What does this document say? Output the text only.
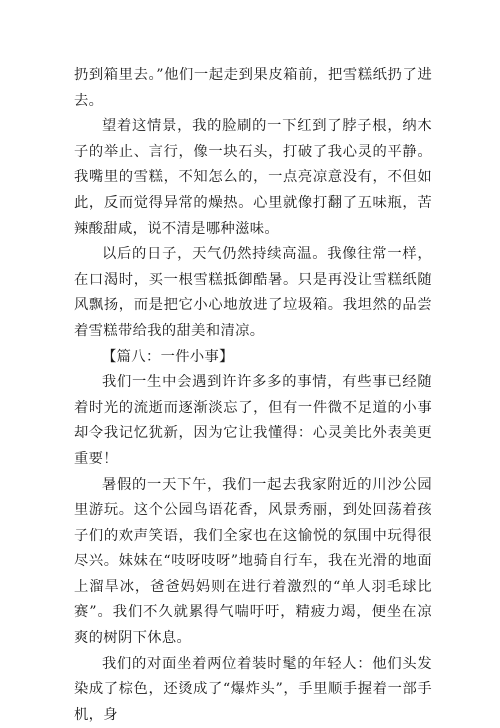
扔到箱里去。”他们一起走到果皮箱前，把雪糕纸扔了进去。

望着这情景，我的脸刷的一下红到了脖子根，纳木子的举止、言行，像一块石头，打破了我心灵的平静。我嘴里的雪糕，不知怎么的，一点亮凉意没有，不但如此，反而觉得异常的燥热。心里就像打翻了五味瓶，苦辣酸甜咸，说不清是哪种滋味。

以后的日子，天气仍然持续高温。我像往常一样，在口渴时，买一根雪糕抵御酷暑。只是再没让雪糕纸随风飘扬，而是把它小心地放进了垃圾箱。我坦然的品尝着雪糕带给我的甜美和清凉。

【篇八：一件小事】

我们一生中会遇到许许多多的事情，有些事已经随着时光的流逝而逐渐淡忘了，但有一件微不足道的小事却令我记忆犹新，因为它让我懂得：心灵美比外表美更重要！

暑假的一天下午，我们一起去我家附近的川沙公园里游玩。这个公园鸟语花香，风景秀丽，到处回荡着孩子们的欢声笑语，我们全家也在这愉悦的氛围中玩得很尽兴。妹妹在“吱呀吱呀”地骑自行车，我在光滑的地面上溜旱冰，爸爸妈妈则在进行着激烈的“单人羽毛球比赛”。我们不久就累得气喘吁吁，精疲力竭，便坐在凉爽的树阴下休息。

我们的对面坐着两位着装时髦的年轻人：他们头发染成了棕色，还烫成了“爆炸头”，手里顺手握着一部手机，身
